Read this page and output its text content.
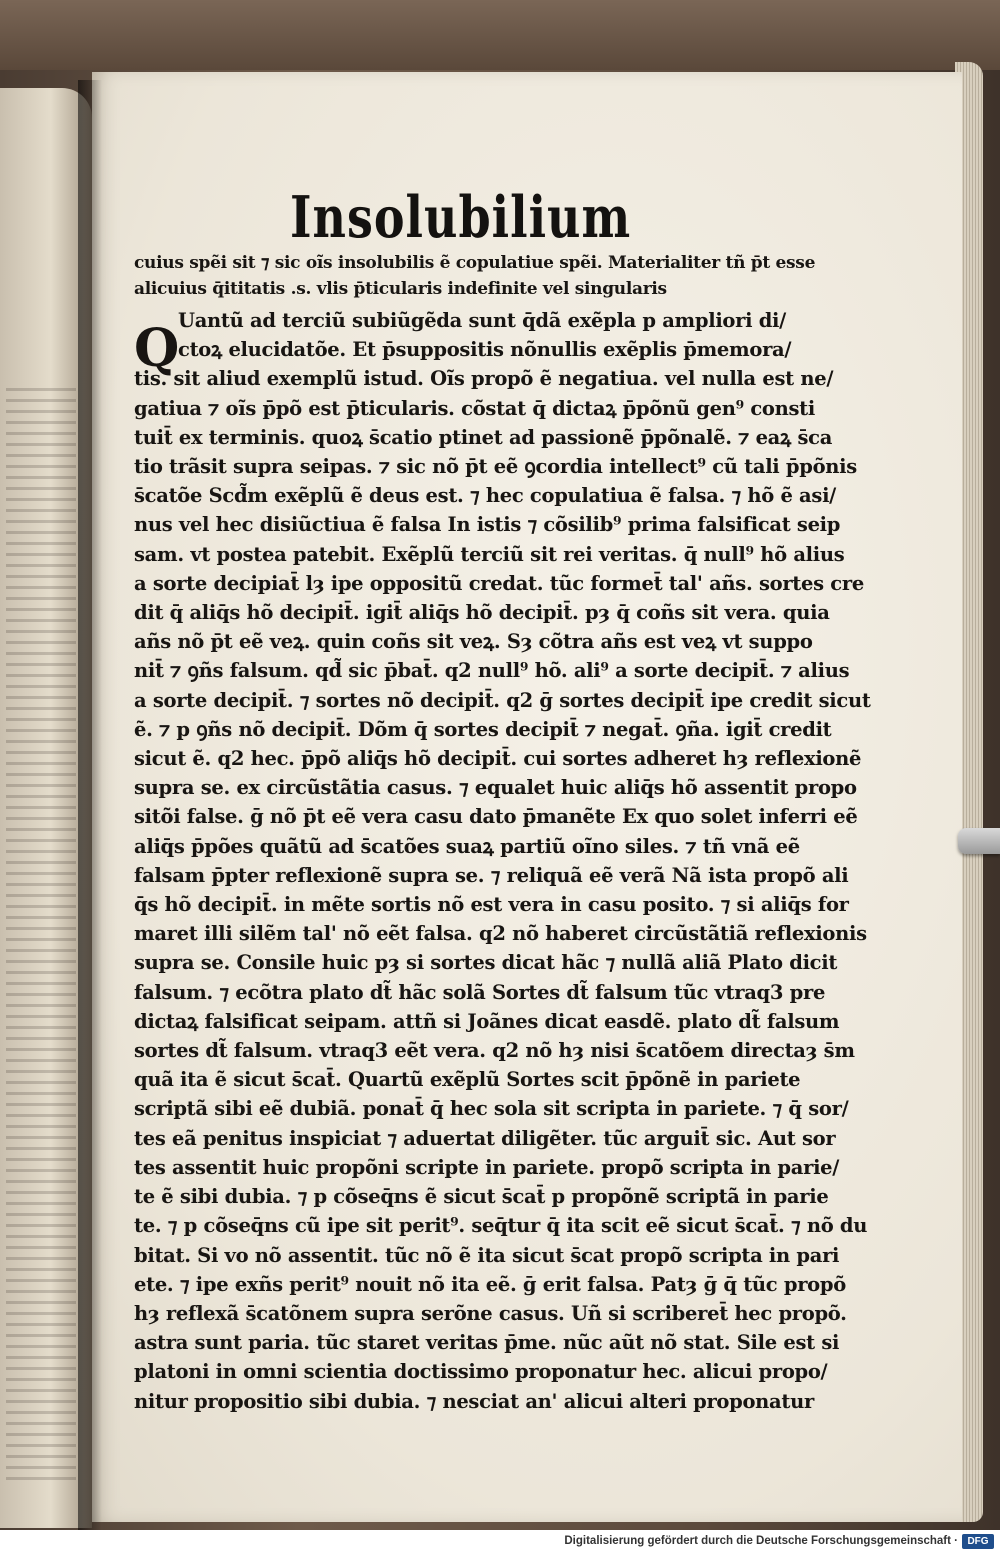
Insolubilium
cuius spẽi sit ⁊ sic oĩs insolubilis ẽ copulatiue spẽi. Materialiter tñ p̄t esse
alicuius q̄ititatis .s. vlis p̄ticularis indefinite vel singularis
Uantũ ad terciũ subiũgẽda sunt q̄dã exẽpla p ampliori di/
ctoꝝ elucidatõe. Et p̄suppositis nõnullis exẽplis p̄memora/
tis. sit aliud exemplũ istud. Oĩs propõ ẽ negatiua. vel nulla est ne/
gatiua ⁊ oĩs p̄põ est p̄ticularis. cõstat q̄ dictaꝝ p̄põnũ gen⁹ consti
tuit̄ ex terminis. quoꝝ s̄catio ptinet ad passionẽ p̄põnalẽ. ⁊ eaꝝ s̄ca
tio trãsit supra seipas. ⁊ sic nõ p̄t eẽ ꝯcordia intellect⁹ cũ tali p̄põnis
s̄catõe Scd̃m exẽplũ ẽ deus est. ⁊ hec copulatiua ẽ falsa. ⁊ hõ ẽ asi/
nus vel hec disiũctiua ẽ falsa In istis ⁊ cõsilib⁹ prima falsificat seip
sam. vt postea patebit. Exẽplũ terciũ sit rei veritas. q̄ null⁹ hõ alius
a sorte decipiat̄ lȝ ipe oppositũ credat. tũc formet̄ tal' añs. sortes cre
dit q̄ aliq̄s hõ decipit̄. igit̄ aliq̄s hõ decipit̄. pȝ q̄ coñs sit vera. quia
añs nõ p̄t eẽ veꝝ. quin coñs sit veꝝ. Sȝ cõtra añs est veꝝ vt suppo
nit̄ ⁊ ꝯñs falsum. qd̃ sic p̄bat̄. q2 null⁹ hõ. ali⁹ a sorte decipit̄. ⁊ alius
a sorte decipit̄. ⁊ sortes nõ decipit̄. q2 ḡ sortes decipit̄ ipe credit sicut
ẽ. ⁊ p ꝯñs nõ decipit̄. Dõm q̄ sortes decipit̄ ⁊ negat̄. ꝯña. igit̄ credit
sicut ẽ. q2 hec. p̄põ aliq̄s hõ decipit̄. cui sortes adheret hȝ reflexionẽ
supra se. ex circũstãtia casus. ⁊ equalet huic aliq̄s hõ assentit propo
sitõi false. ḡ nõ p̄t eẽ vera casu dato p̄manẽte Ex quo solet inferri eẽ
aliq̄s p̄pões quãtũ ad s̄catões suaꝝ partiũ oĩno siles. ⁊ tñ vnã eẽ
falsam p̄pter reflexionẽ supra se. ⁊ reliquã eẽ verã Nã ista propõ ali
q̄s hõ decipit̄. in mẽte sortis nõ est vera in casu posito. ⁊ si aliq̄s for
maret illi silẽm tal' nõ eẽt falsa. q2 nõ haberet circũstãtiã reflexionis
supra se. Consile huic pȝ si sortes dicat hãc ⁊ nullã aliã Plato dicit
falsum. ⁊ ecõtra plato dt̃ hãc solã Sortes dt̃ falsum tũc vtraq3 pre
dictaꝝ falsificat seipam. attñ si Joãnes dicat easdẽ. plato dt̃ falsum
sortes dt̃ falsum. vtraq3 eẽt vera. q2 nõ hȝ nisi s̄catõem directaȝ s̄m
quã ita ẽ sicut s̄cat̄. Quartũ exẽplũ Sortes scit p̄põnẽ in pariete
scriptã sibi eẽ dubiã. ponat̄ q̄ hec sola sit scripta in pariete. ⁊ q̄ sor/
tes eã penitus inspiciat ⁊ aduertat diligẽter. tũc arguit̄ sic. Aut sor
tes assentit huic propõni scripte in pariete. propõ scripta in parie/
te ẽ sibi dubia. ⁊ p cõseq̄ns ẽ sicut s̄cat̄ p propõnẽ scriptã in parie
te. ⁊ p cõseq̄ns cũ ipe sit perit⁹. seq̄tur q̄ ita scit eẽ sicut s̄cat̄. ⁊ nõ du
bitat. Si vo nõ assentit. tũc nõ ẽ ita sicut s̄cat propõ scripta in pari
ete. ⁊ ipe exñs perit⁹ nouit nõ ita eẽ. ḡ erit falsa. Patȝ ḡ q̄ tũc propõ
hȝ reflexã s̄catõnem supra serõne casus. Uñ si scriberet̄ hec propõ.
astra sunt paria. tũc staret veritas p̄me. nũc aũt nõ stat. Sile est si
platoni in omni scientia doctissimo proponatur hec. alicui propo/
nitur propositio sibi dubia. ⁊ nesciat an' alicui alteri proponatur
Q
Digitalisierung gefördert durch die Deutsche Forschungsgemeinschaft · DFG
